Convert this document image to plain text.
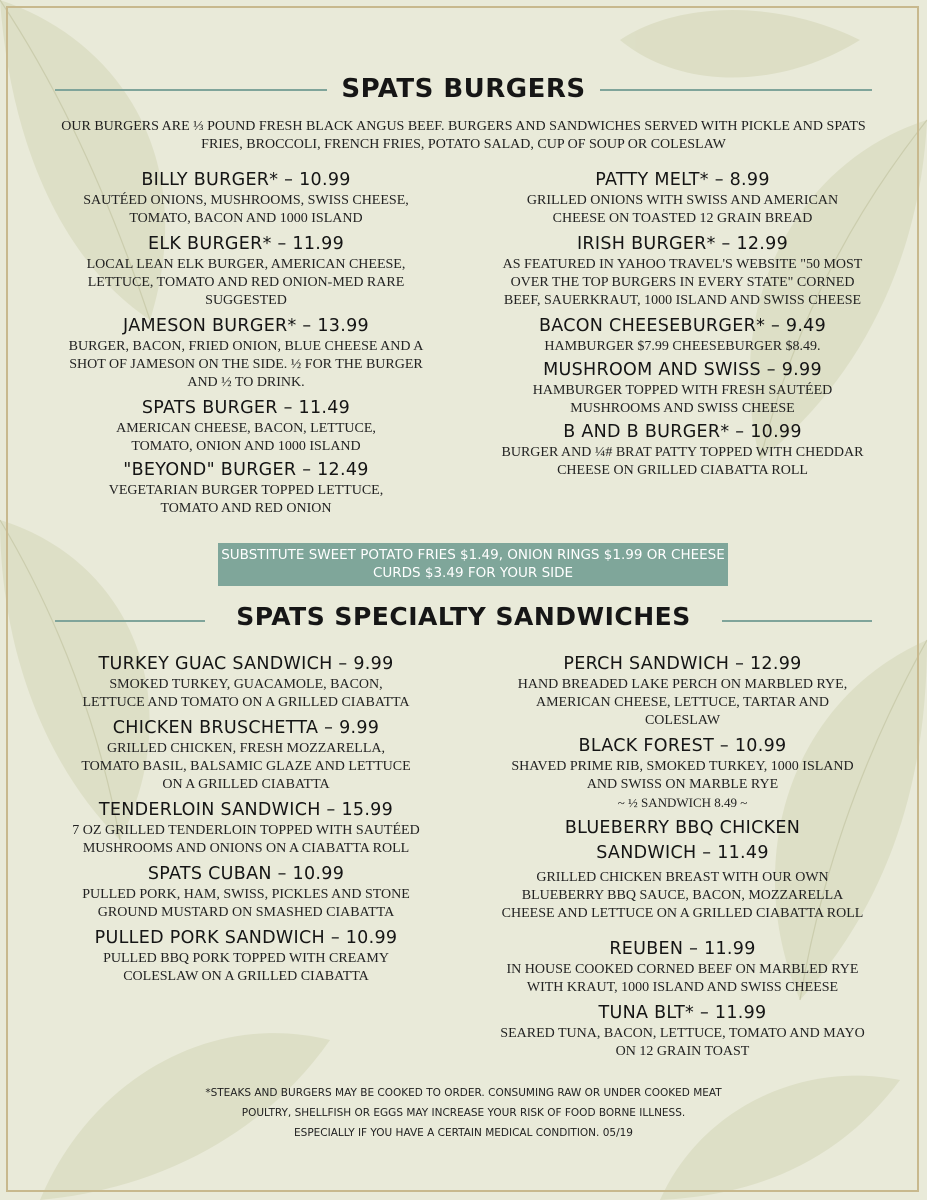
SPATS BURGERS
OUR BURGERS ARE ⅓ POUND FRESH BLACK ANGUS BEEF. BURGERS AND SANDWICHES SERVED WITH PICKLE AND SPATS FRIES, BROCCOLI, FRENCH FRIES, POTATO SALAD, CUP OF SOUP OR COLESLAW
BILLY BURGER* – 10.99
SAUTÉED ONIONS, MUSHROOMS, SWISS CHEESE, TOMATO, BACON AND 1000 ISLAND
ELK BURGER* – 11.99
LOCAL LEAN ELK BURGER, AMERICAN CHEESE, LETTUCE, TOMATO AND RED ONION-MED RARE SUGGESTED
JAMESON BURGER* – 13.99
BURGER, BACON, FRIED ONION, BLUE CHEESE AND A SHOT OF JAMESON ON THE SIDE. ½ FOR THE BURGER AND ½ TO DRINK.
SPATS BURGER – 11.49
AMERICAN CHEESE, BACON, LETTUCE, TOMATO, ONION AND 1000 ISLAND
"BEYOND" BURGER – 12.49
VEGETARIAN BURGER TOPPED LETTUCE, TOMATO AND RED ONION
PATTY MELT* – 8.99
GRILLED ONIONS WITH SWISS AND AMERICAN CHEESE ON TOASTED 12 GRAIN BREAD
IRISH BURGER* – 12.99
AS FEATURED IN YAHOO TRAVEL'S WEBSITE "50 MOST OVER THE TOP BURGERS IN EVERY STATE" CORNED BEEF, SAUERKRAUT, 1000 ISLAND AND SWISS CHEESE
BACON CHEESEBURGER* – 9.49
HAMBURGER $7.99 CHEESEBURGER $8.49.
MUSHROOM AND SWISS – 9.99
HAMBURGER TOPPED WITH FRESH SAUTÉED MUSHROOMS AND SWISS CHEESE
B AND B BURGER* – 10.99
BURGER AND ¼# BRAT PATTY TOPPED WITH CHEDDAR CHEESE ON GRILLED CIABATTA ROLL
SUBSTITUTE SWEET POTATO FRIES $1.49, ONION RINGS $1.99 OR CHEESE CURDS $3.49 FOR YOUR SIDE
SPATS SPECIALTY SANDWICHES
TURKEY GUAC SANDWICH – 9.99
SMOKED TURKEY, GUACAMOLE, BACON, LETTUCE AND TOMATO ON A GRILLED CIABATTA
CHICKEN BRUSCHETTA – 9.99
GRILLED CHICKEN, FRESH MOZZARELLA, TOMATO BASIL, BALSAMIC GLAZE AND LETTUCE ON A GRILLED CIABATTA
TENDERLOIN SANDWICH – 15.99
7 OZ GRILLED TENDERLOIN TOPPED WITH SAUTÉED MUSHROOMS AND ONIONS ON A CIABATTA ROLL
SPATS CUBAN – 10.99
PULLED PORK, HAM, SWISS, PICKLES AND STONE GROUND MUSTARD ON SMASHED CIABATTA
PULLED PORK SANDWICH – 10.99
PULLED BBQ PORK TOPPED WITH CREAMY COLESLAW ON A GRILLED CIABATTA
PERCH SANDWICH – 12.99
HAND BREADED LAKE PERCH ON MARBLED RYE, AMERICAN CHEESE, LETTUCE, TARTAR AND COLESLAW
BLACK FOREST – 10.99
SHAVED PRIME RIB, SMOKED TURKEY, 1000 ISLAND AND SWISS ON MARBLE RYE
~ ½ SANDWICH 8.49 ~
BLUEBERRY BBQ CHICKEN SANDWICH – 11.49
GRILLED CHICKEN BREAST WITH OUR OWN BLUEBERRY BBQ SAUCE, BACON, MOZZARELLA CHEESE AND LETTUCE ON A GRILLED CIABATTA ROLL
REUBEN – 11.99
IN HOUSE COOKED CORNED BEEF ON MARBLED RYE WITH KRAUT, 1000 ISLAND AND SWISS CHEESE
TUNA BLT* – 11.99
SEARED TUNA, BACON, LETTUCE, TOMATO AND MAYO ON 12 GRAIN TOAST
*STEAKS AND BURGERS MAY BE COOKED TO ORDER. CONSUMING RAW OR UNDER COOKED MEAT
POULTRY, SHELLFISH OR EGGS MAY INCREASE YOUR RISK OF FOOD BORNE ILLNESS.
ESPECIALLY IF YOU HAVE A CERTAIN MEDICAL CONDITION. 05/19
